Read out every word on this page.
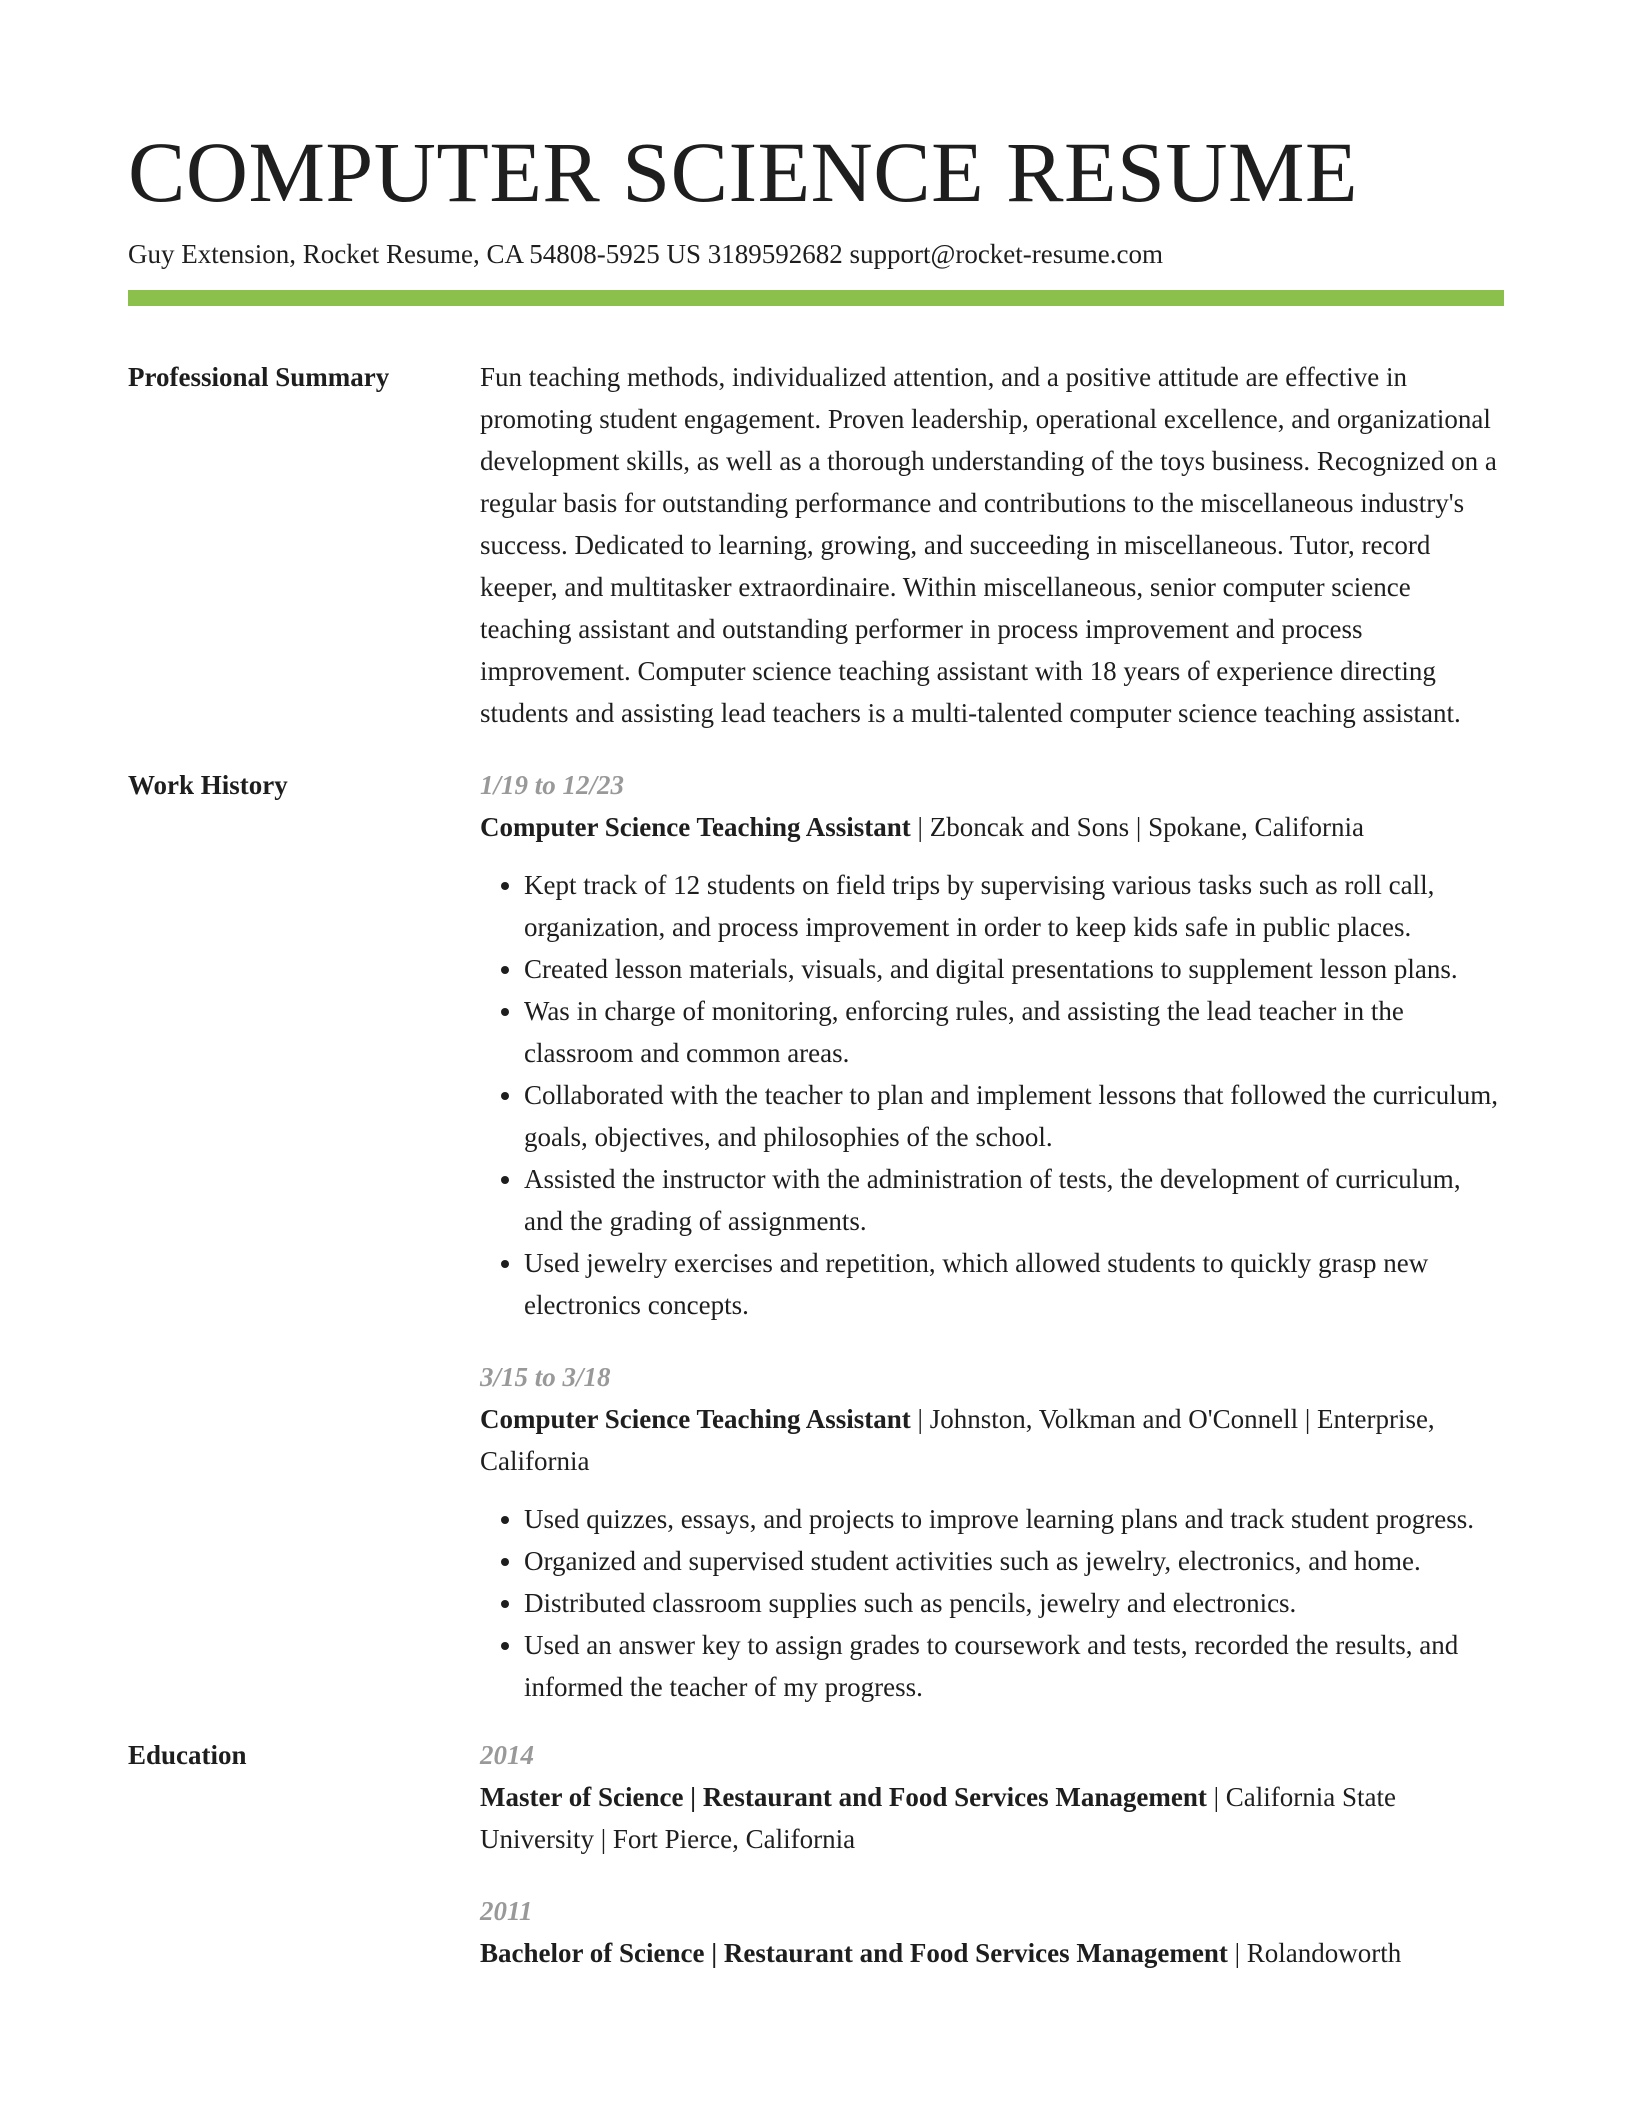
COMPUTER SCIENCE RESUME
Guy Extension, Rocket Resume, CA 54808-5925 US 3189592682 support@rocket-resume.com
Professional Summary	Fun teaching methods, individualized attention, and a positive attitude are effective in promoting student engagement. Proven leadership, operational excellence, and organizational development skills, as well as a thorough understanding of the toys business. Recognized on a regular basis for outstanding performance and contributions to the miscellaneous industry's success. Dedicated to learning, growing, and succeeding in miscellaneous. Tutor, record keeper, and multitasker extraordinaire. Within miscellaneous, senior computer science teaching assistant and outstanding performer in process improvement and process improvement. Computer science teaching assistant with 18 years of experience directing students and assisting lead teachers is a multi-talented computer science teaching assistant.

Work History	1/19 to 12/23

Computer Science Teaching Assistant | Zboncak and Sons | Spokane, California

• Kept track of 12 students on field trips by supervising various tasks such as roll call, organization, and process improvement in order to keep kids safe in public places.
• Created lesson materials, visuals, and digital presentations to supplement lesson plans.
• Was in charge of monitoring, enforcing rules, and assisting the lead teacher in the classroom and common areas.
• Collaborated with the teacher to plan and implement lessons that followed the curriculum, goals, objectives, and philosophies of the school.
• Assisted the instructor with the administration of tests, the development of curriculum, and the grading of assignments.
• Used jewelry exercises and repetition, which allowed students to quickly grasp new electronics concepts.
3/15 to 3/18

Computer Science Teaching Assistant | Johnston, Volkman and O'Connell | Enterprise, California

• Used quizzes, essays, and projects to improve learning plans and track student progress.
• Organized and supervised student activities such as jewelry, electronics, and home.
• Distributed classroom supplies such as pencils, jewelry and electronics.
• Used an answer key to assign grades to coursework and tests, recorded the results, and informed the teacher of my progress.
Education	2014

Master of Science | Restaurant and Food Services Management | California State University | Fort Pierce, California

2011

Bachelor of Science | Restaurant and Food Services Management | Rolandoworth
